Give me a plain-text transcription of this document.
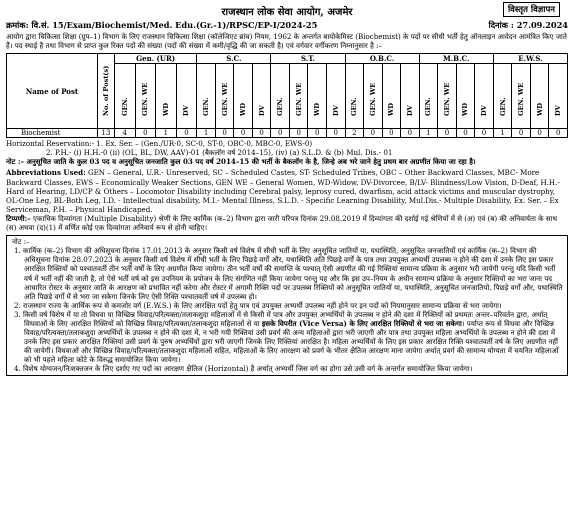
विस्तृत विज्ञापन
राजस्थान लोक सेवा आयोग, अजमेर
क्रमांक: वि.सं. 15/Exam/Biochemist/Med. Edu.(Gr.-1)/RPSC/EP-I/2024-25	दिनांक : 27.09.2024

आयोग द्वारा चिकित्सा शिक्षा (ग्रुप–1) विभाग के लिए राजस्थान चिकित्सा शिक्षा (कॉलेजिएट ब्रांच) नियम, 1962 के अन्तर्गत बायोकेमिस्ट (Biochemist) के पदों पर सीधी भर्ती हेतु ऑनलाइन आवेदन आमंत्रित किए जाते हैं। पद स्थाई है तथा विभाग से प्राप्त कुल रिक्त पदों की संख्या (पदों की संख्या में कमी/वृद्धि की जा सकती है) एवं वर्गवार वर्गीकरण निम्नानुसार है :–

Name of Post	No. of Post(s)	Gen. (UR)				S.C.				S.T.				O.B.C.				M.B.C.				E.W.S.			
		GEN.	GEN. WE	WD	DV	GEN.	GEN. WE	WD	DV	GEN.	GEN. WE	WD	DV	GEN.	GEN. WE	WD	DV	GEN.	GEN. WE	WD	DV	GEN.	GEN. WE	WD	DV
Biochemist	13	4	0	1	0	1	0	0	0	0	0	0	0	2	0	0	0	1	0	0	0	1	0	0	0

Horizontal Reservation:- 1. Ex. Ser. – (Gen./UR-0, SC-0, ST-0, OBC-0, MBC-0, EWS-0)

2. P.H.- (i) H.H.-0 (ii) (OL, BL, DW, AAV)-01 (बैकलॉग वर्ष 2014–15), (iv) (a) S.L.D. & (b) Mul. Dis.- 01

नोट :– अनुसूचित जाति के कुल 03 पद व अनुसूचित जनजाति कुल 03 पद वर्ष 2014–15 की भर्ती के बैकलॉग के है, जिन्हे अब भरे जाने हेतु प्रथम बार अग्रणीत किया जा रहा है।

Abbreviations Used: GEN – General, U.R.- Unreserved, SC – Scheduled Castes, ST- Scheduled Tribes, OBC – Other Backward Classes, MBC- More Backward Classes, EWS – Economically Weaker Sections, GEN WE – General Women, WD-Widow, DV-Divorcee, B/LV- Blindness/Low Vision, D-Deaf, H.H.-Hard of Hearing, LD/CP & Others – Locomotor Disability including Cerebral palsy, leprosy cured, dwarfism, acid attack victims and muscular dystrophy, OL-One Leg, BL-Both Leg, I.D. - Intellectual disability, M.I.- Mental Illness, S.L.D. - Specific Learning Disability, Mul.Dis.- Multiple Disability, Ex. Ser. – Ex Serviceman, P.H. – Physical Handicaped.

टिप्पणी:– एकाधिक दिव्यांगता (Multiple Disability) श्रेणी के लिए कार्मिक (क–2) विभाग द्वारा जारी परिपत्र दिनांक 29.08.2019 में दिव्यांगता की दर्शाई गई श्रेणियों में से (अ) एवं (ब) की अनिवार्यता के साथ (स) अथवा (द)(1) में वर्णित कोई एक दिव्यांगता अनिवार्य रूप से होनी चाहिए।

नोट :–

1. कार्मिक (क–2) विभाग की अधिसूचना दिनांक 17.01.2013 के अनुसार किसी वर्ष विशेष में सीधी भर्ती के लिए अनुसूचित जातियों या, यथास्थिति, अनुसूचित जनजातियों एवं कार्मिक (क–2) विभाग की अधिसूचना दिनांक 28.07.2023 के अनुसार किसी वर्ष विशेष में सीधी भर्ती के लिए पिछड़े वर्गों और, यथास्थिति अति पिछड़े वर्गों के पात्र तथा उपयुक्त अभ्यर्थी उपलब्ध न होने की दशा में उनके लिए इस प्रकार आरक्षित रिक्तियों को पश्चातवर्ती तीन भर्ती वर्षों के लिए अग्रणीत किया जायेगा। तीन भर्ती वर्षों की समाप्ति के पश्चात् ऐसी अग्रणीत की गई रिक्तियां सामान्य प्रक्रिया के अनुसार भरी जायेगी परन्तु यदि किसी भर्ती वर्ष में भर्ती नहीं की जाती है, तो ऐसे भर्ती वर्ष को इस उपनियम के प्रयोजन के लिए संगणित नहीं किया जायेगा परन्तु यह और कि इस उप–नियम के अधीन सामान्य प्रक्रिया के अनुसार रिक्तियों का भरा जाना पद आधारित रोस्टर के अनुसार जाति के आरक्षण को प्रभावित नहीं करेगा और रोस्टर में अगामी रिक्ति पदों पर उपलब्ध रिक्तियों को अनुसूचित जातियों या, यथास्थिति, अनुसूचित जनजातियो, पिछड़े वर्गों और, यथास्थिति अति पिछड़े वर्गों में से भरा जा सकेगा जिनके लिए ऐसी रिक्ति पश्चातवर्ती वर्ष में उपलब्ध हो।

2. राजस्थान राज्य के आर्थिक रूप से कमजोर वर्ग (E.W.S.) के लिए आरक्षित पदों हेतु पात्र एवं उपयुक्त अभ्यर्थी उपलब्ध नहीं होने पर इन पदों को नियमानुसार सामान्य प्रक्रिया से भरा जायेगा।

3. किसी वर्ष विशेष में या तो विधवा या विच्छिन्न विवाह/परित्यक्ता/तलाकशुदा महिलाओं में से किसी में पात्र और उपयुक्त अभ्यर्थियों के उपलब्ध न होने की दशा में रिक्तियों को प्रथमतः अन्तर–परिवर्तन द्वारा, अर्थात् विधवाओं के लिए आरक्षित रिक्तियों को विच्छिन्न विवाह/परित्यक्ता/तलाकशुदा महिलाओं से या इसके विपरीत (Vice Versa) के लिए आरक्षित रिक्तियों से भरा जा सकेगा। पर्याप्त रूप से विधवा और विच्छिन्न विवाह/परित्यक्ता/तलाकशुदा अभ्यर्थियों के उपलब्ध न होने की दशा में, न भरी गयी रिक्तियां उसी प्रवर्ग की अन्य महिलाओं द्वारा भरी जाएगी और पात्र तथा उपयुक्त महिला अभ्यर्थियों के उपलब्ध न होने की दशा में उनके लिए इस प्रकार आरक्षित रिक्तियां उसी प्रवर्ग के पुरुष अभ्यर्थियों द्वारा भरी जाएगी जिनके लिए रिक्तियां आरक्षित है। महिला अभ्यर्थियों के लिए इस प्रकार आरक्षित रिक्ति पश्चातवर्ती वर्ष के लिए अग्रणीत नहीं की जायेगी। विधवाओं और विच्छिन्न विवाह/परित्यक्ता/तलाकशुदा महिलाओं सहित, महिलाओं के लिए आरक्षण को प्रवर्ग के भीतर क्षैतिज आरक्षण माना जायेगा अर्थात् प्रवर्ग की सामान्य योग्यता में चयनित महिलाओं को भी पहले महिला कोटे के विरुद्ध समायोजित किया जायेगा।

4. विशेष योग्यजन/निःशक्तजन के लिए दर्शाए गए पदों का आरक्षण क्षैतिज (Horizontal) है अर्थात् अभ्यर्थी जिस वर्ग का होगा उसे उसी वर्ग के अन्तर्गत समायोजित किया जायेगा।
